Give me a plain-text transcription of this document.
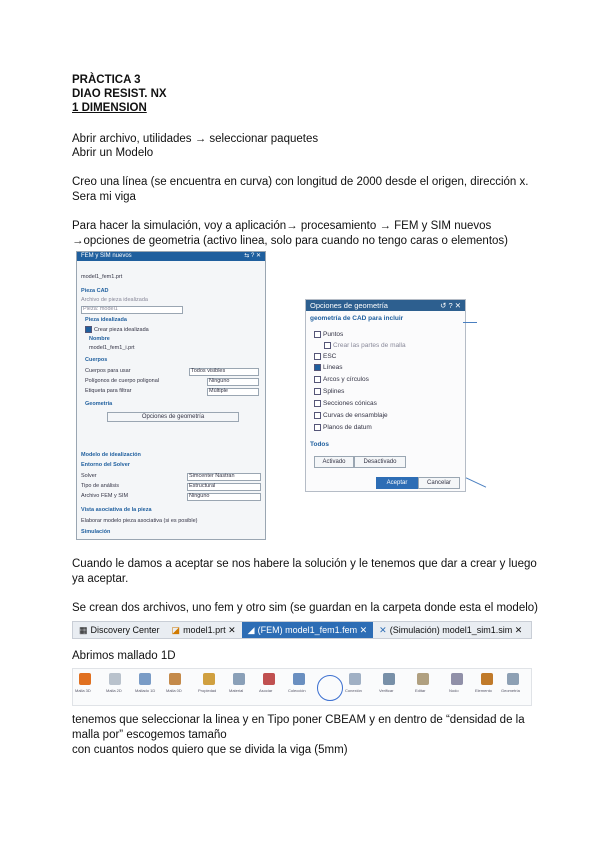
PRÀCTICA 3
DIAO RESIST. NX
1 DIMENSION
Abrir archivo, utilidades → seleccionar paquetes
Abrir un Modelo
Creo una línea (se encuentra en curva) con longitud de 2000 desde el origen, dirección x.
Sera mi viga
Para hacer la simulación, voy a aplicación→ procesamiento → FEM y SIM nuevos
→opciones de geometria (activo linea, solo para cuando no tengo caras o elementos)
FEM y SIM nuevos	⇆ ? ✕
model1_fem1.prt
Pieza CAD
Archivo de pieza idealizada
Pieza: model1
Pieza idealizada
Crear pieza idealizada
Nombre
model1_fem1_i.prt
Cuerpos
Cuerpos para usar	Todos visibles
Polígonos de cuerpo poligonal	Ninguno
Etiqueta para filtrar	Múltiple
Geometría
Opciones de geometría
Modelo de idealización
Entorno del Solver
Solver	Simcenter Nastran
Tipo de análisis	Estructural
Archivo FEM y SIM	Ninguno
Vista asociativa de la pieza
Elaborar modelo pieza asociativa (si es posible)
Simulación
Opciones de geometría	↺ ? ✕
geometría de CAD para incluir
Puntos
Crear las partes de malla
ESC
Líneas
Arcos y círculos
Splines
Secciones cónicas
Curvas de ensamblaje
Planos de datum
Todos
Activado	Desactivado
Aceptar	Cancelar
Cuando le damos a aceptar se nos habere la solución y le tenemos que dar a crear y luego
ya aceptar.
Se crean dos archivos, uno fem y otro sim (se guardan en la carpeta donde esta el modelo)
▦ Discovery Center ◪ model1.prt
✕ ◢ (FEM) model1_fem1.fem
✕ ✕ (Simulación) model1_sim1.sim
✕
Abrimos mallado 1D
Malla 3D	Malla 2D	Mallado 1D	Malla 0D	Propiedad	Material	Asociar	Colección	Conexión	Verificar	Editar	Nodo	Elemento Geometría
tenemos que seleccionar la linea y en Tipo poner CBEAM y en dentro de “densidad de la
malla por” escogemos tamaño
con cuantos nodos quiero que se divida la viga (5mm)
